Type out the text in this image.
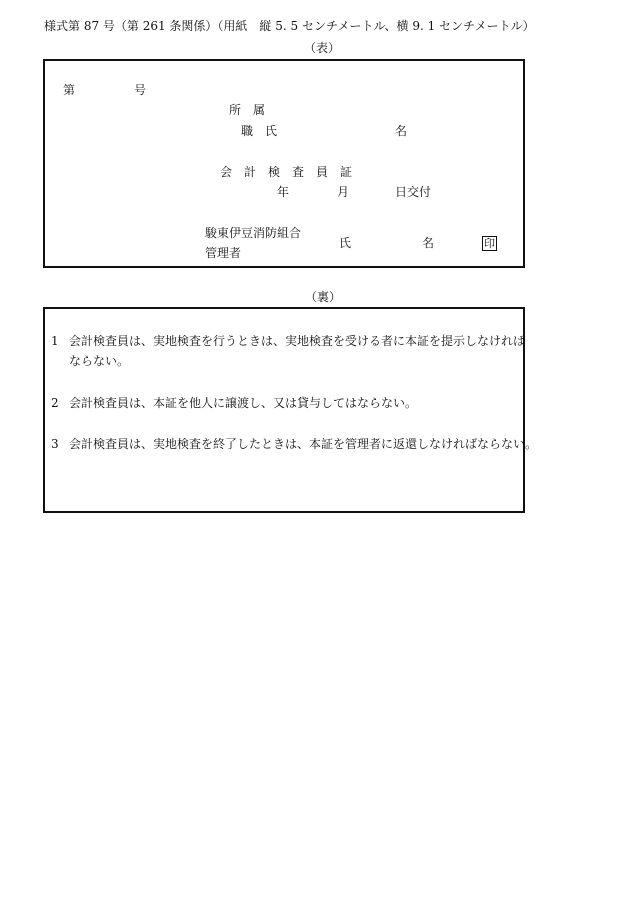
様式第 87 号（第 261 条関係）（用紙　縦 5. 5 センチメートル、横 9. 1 センチメートル）
（表）
第	号
所　属
職　氏	名
会　計　検　査　員　証
年	月	日交付
駿東伊豆消防組合
管理者
氏	名	印
（裏）
1 会計検査員は、実地検査を行うときは、実地検査を受ける者に本証を提示しなければ
ならない。
2 会計検査員は、本証を他人に譲渡し、又は貸与してはならない。
3 会計検査員は、実地検査を終了したときは、本証を管理者に返還しなければならない。
